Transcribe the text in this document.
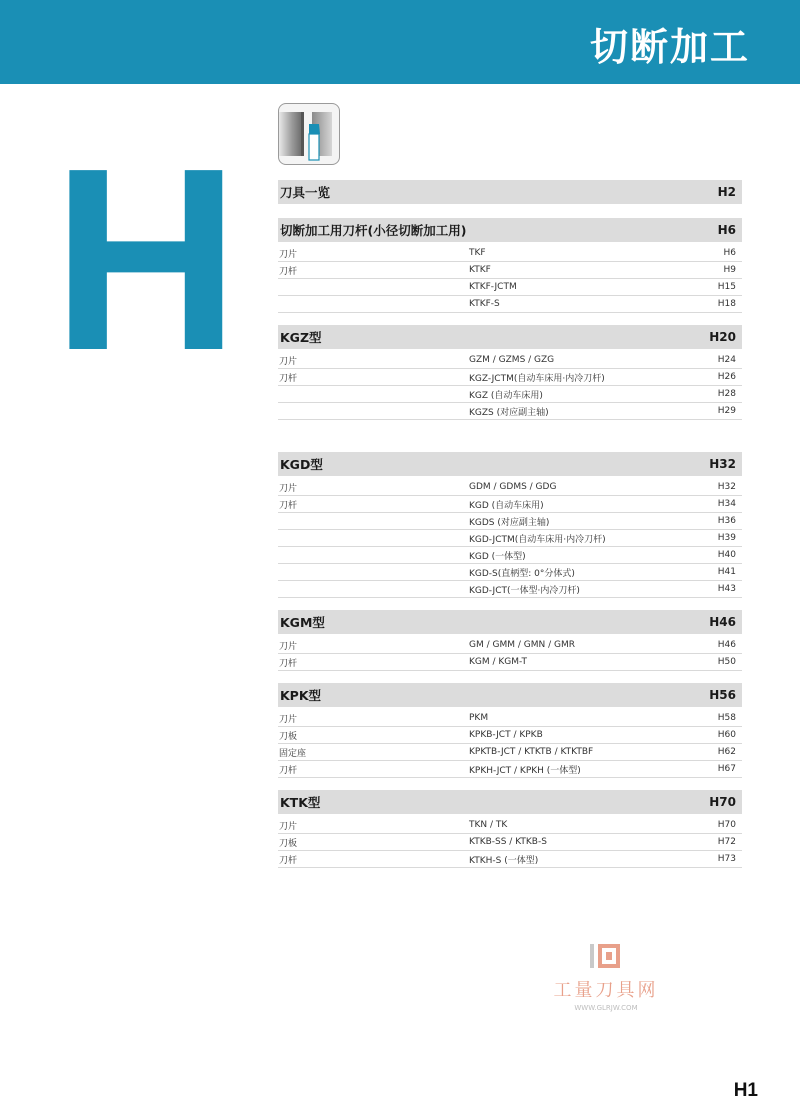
切断加工
H	刀具一览	H2
切断加工用刀杆(小径切断加工用)	H6
刀片	TKF	H6
刀杆	KTKF	H9
KTKF-JCTM	H15
KTKF-S	H18
KGZ型	H20
刀片	GZM / GZMS / GZG	H24
刀杆	KGZ-JCTM(自动车床用·内冷刀杆)	H26
KGZ (自动车床用)	H28
KGZS (对应副主轴)	H29
KGD型	H32
刀片	GDM / GDMS / GDG	H32
刀杆	KGD (自动车床用)	H34
KGDS (对应副主轴)	H36
KGD-JCTM(自动车床用·内冷刀杆)	H39
KGD (一体型)	H40
KGD-S(直柄型: 0°分体式)	H41
KGD-JCT(一体型·内冷刀杆)	H43
KGM型	H46
刀片	GM / GMM / GMN / GMR	H46
刀杆	KGM / KGM-T	H50
KPK型	H56
刀片	PKM	H58
刀板	KPKB-JCT / KPKB	H60
固定座	KPKTB-JCT / KTKTB / KTKTBF	H62
刀杆	KPKH-JCT / KPKH (一体型)	H67
KTK型	H70
刀片	TKN / TK	H70
刀板	KTKB-SS / KTKB-S	H72
刀杆	KTKH-S (一体型)	H73
工量刀具网
WWW.GLRJW.COM
H1
